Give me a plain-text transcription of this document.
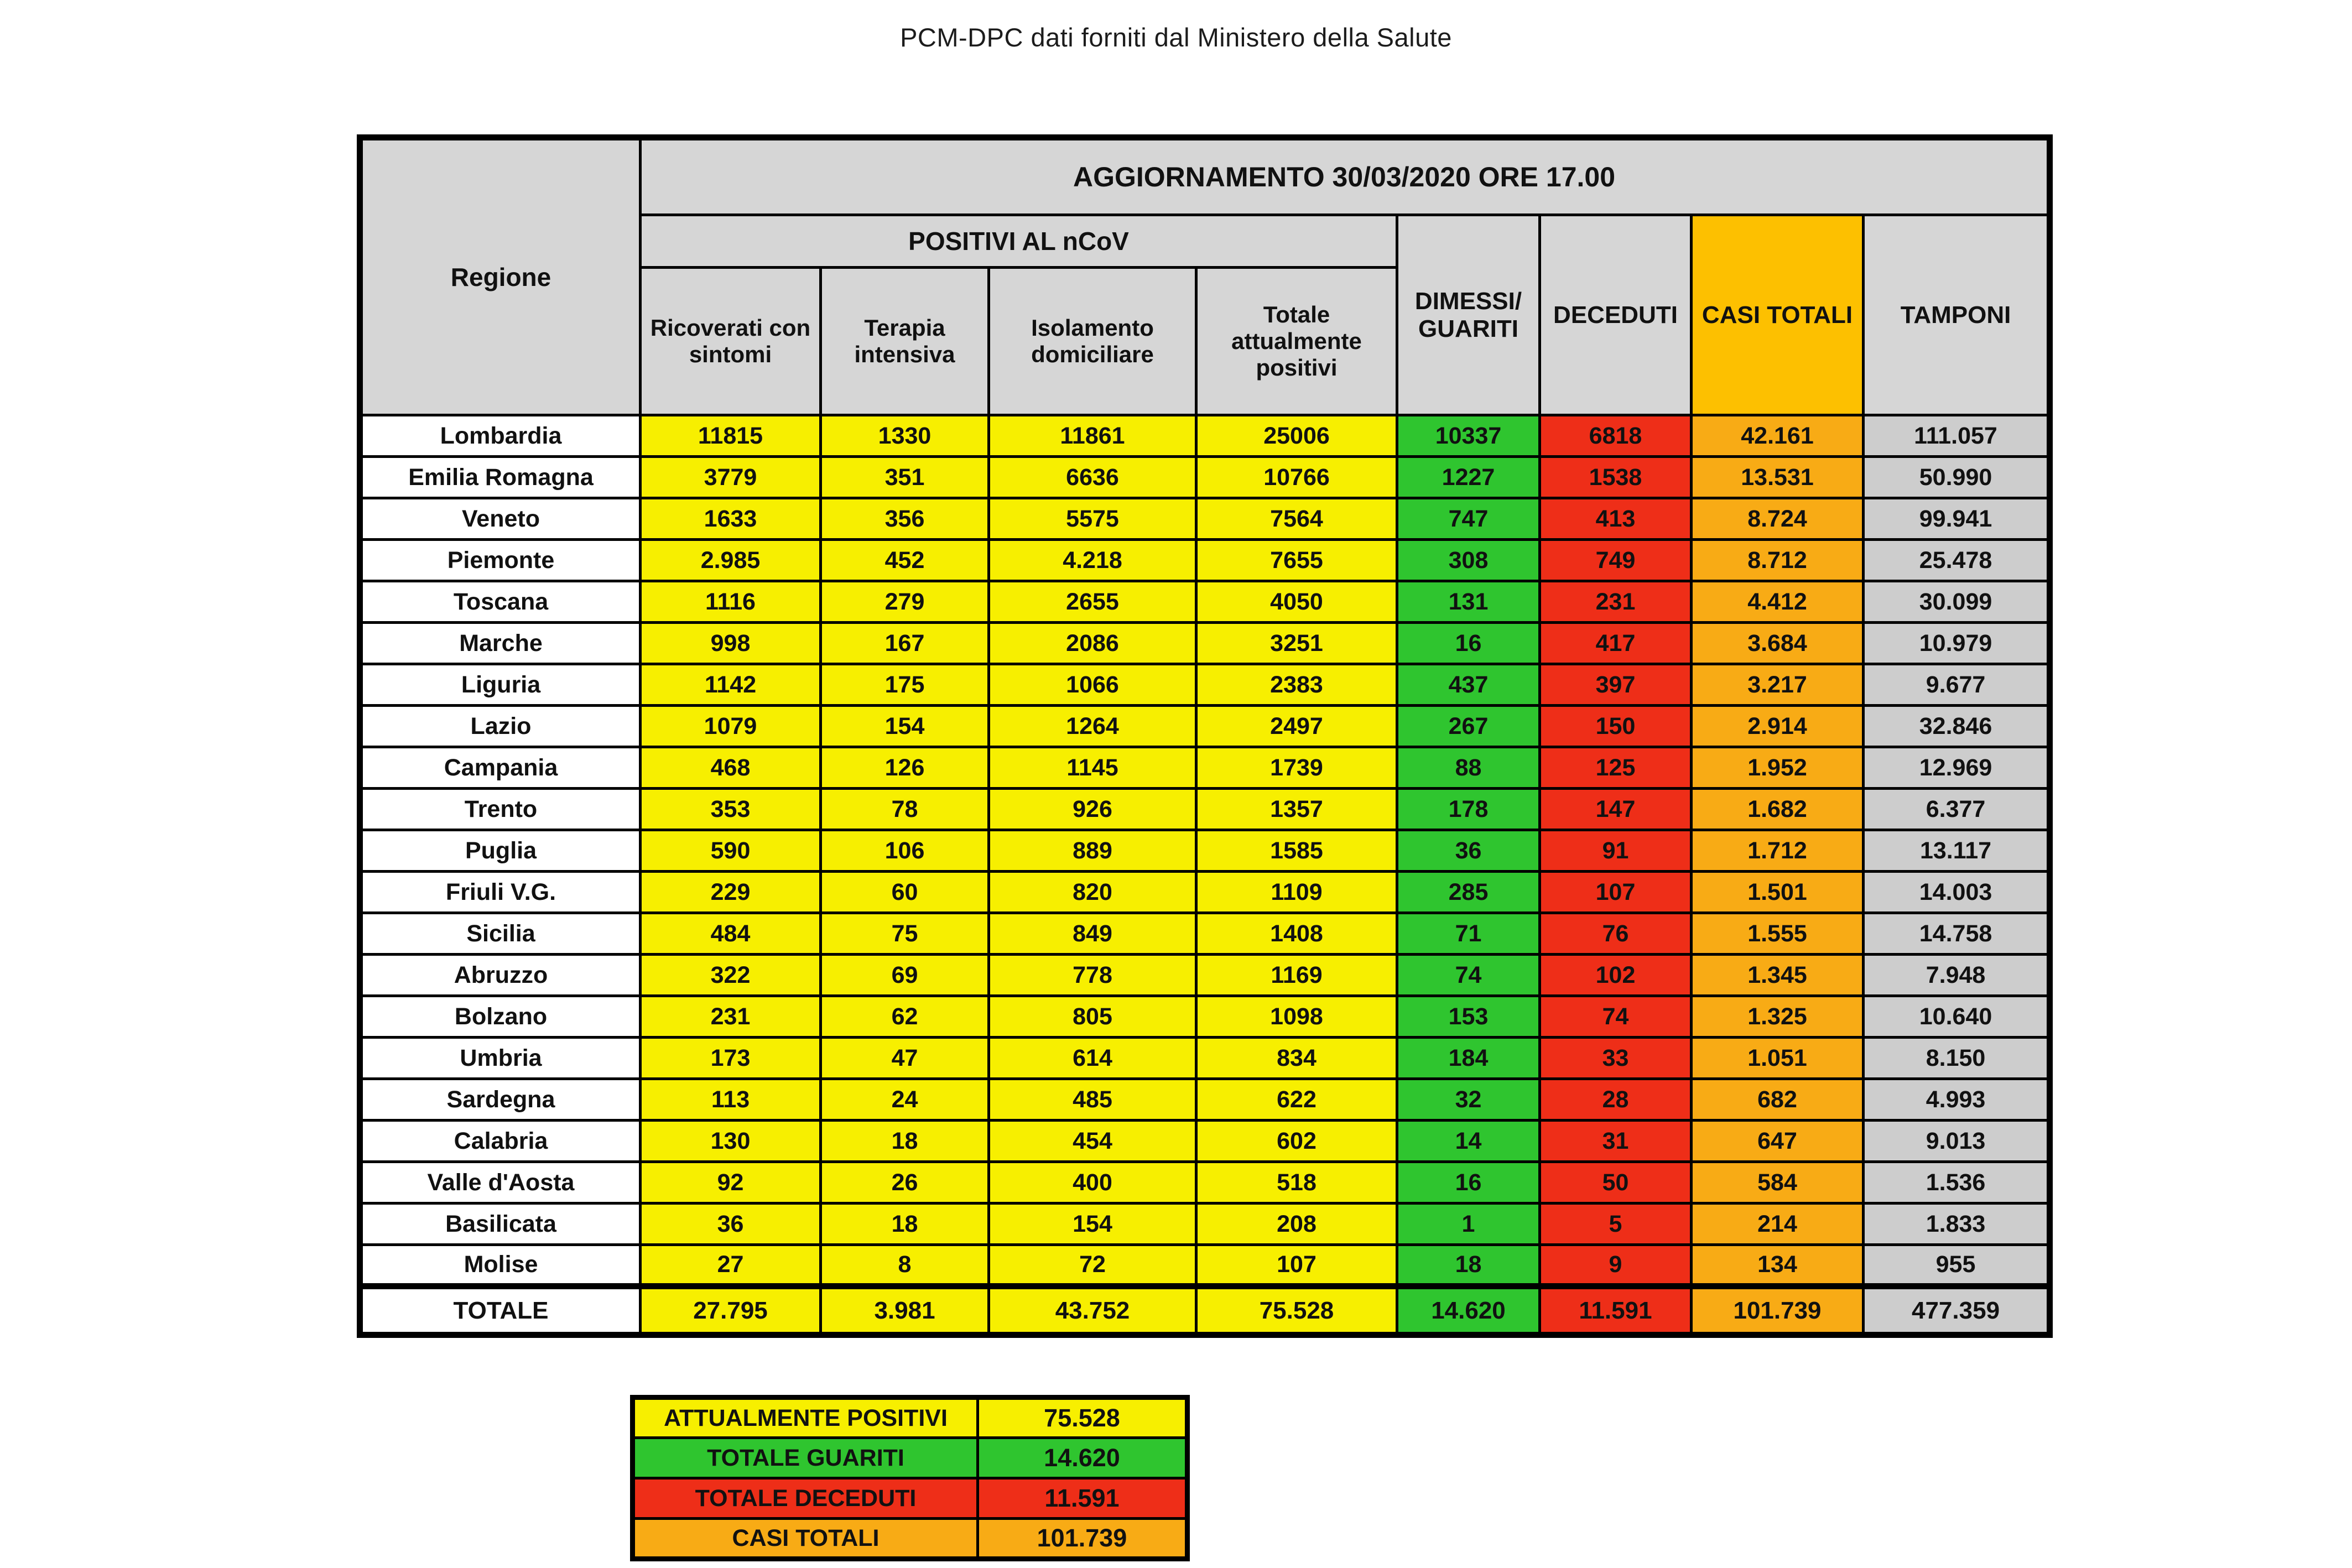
PCM-DPC dati forniti dal Ministero della Salute
Regione	AGGIORNAMENTO 30/03/2020 ORE 17.00							
	POSITIVI AL nCoV				DIMESSI/ GUARITI	DECEDUTI	CASI TOTALI	TAMPONI
	Ricoverati con sintomi	Terapia intensiva	Isolamento domiciliare	Totale attualmente positivi				
Lombardia	11815	1330	11861	25006	10337	6818	42.161	111.057
Emilia Romagna	3779	351	6636	10766	1227	1538	13.531	50.990
Veneto	1633	356	5575	7564	747	413	8.724	99.941
Piemonte	2.985	452	4.218	7655	308	749	8.712	25.478
Toscana	1116	279	2655	4050	131	231	4.412	30.099
Marche	998	167	2086	3251	16	417	3.684	10.979
Liguria	1142	175	1066	2383	437	397	3.217	9.677
Lazio	1079	154	1264	2497	267	150	2.914	32.846
Campania	468	126	1145	1739	88	125	1.952	12.969
Trento	353	78	926	1357	178	147	1.682	6.377
Puglia	590	106	889	1585	36	91	1.712	13.117
Friuli V.G.	229	60	820	1109	285	107	1.501	14.003
Sicilia	484	75	849	1408	71	76	1.555	14.758
Abruzzo	322	69	778	1169	74	102	1.345	7.948
Bolzano	231	62	805	1098	153	74	1.325	10.640
Umbria	173	47	614	834	184	33	1.051	8.150
Sardegna	113	24	485	622	32	28	682	4.993
Calabria	130	18	454	602	14	31	647	9.013
Valle d'Aosta	92	26	400	518	16	50	584	1.536
Basilicata	36	18	154	208	1	5	214	1.833
Molise	27	8	72	107	18	9	134	955
TOTALE	27.795	3.981	43.752	75.528	14.620	11.591	101.739	477.359
ATTUALMENTE POSITIVI	75.528
TOTALE GUARITI	14.620
TOTALE DECEDUTI	11.591
CASI TOTALI	101.739
